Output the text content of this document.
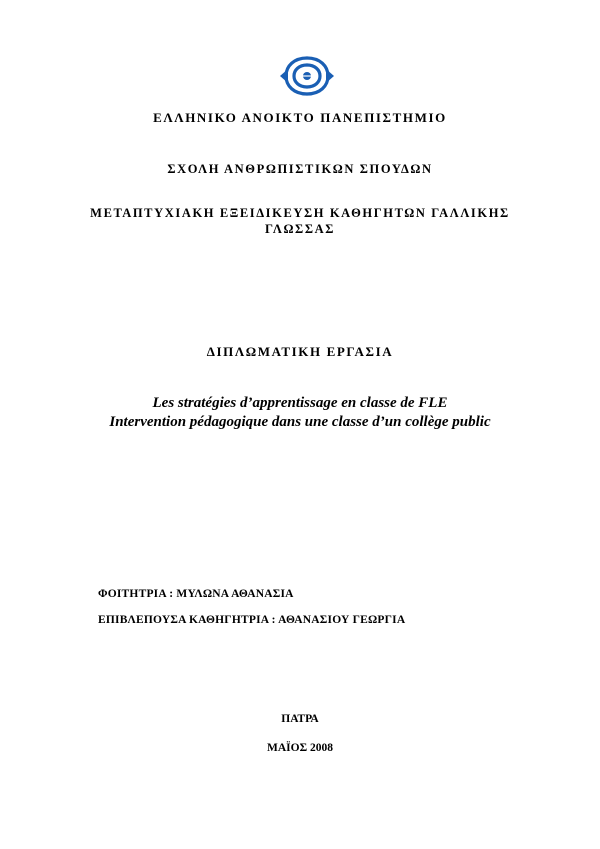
ΕΛΛΗΝΙΚΟ ΑΝΟΙΚΤΟ ΠΑΝΕΠΙΣΤΗΜΙΟ
ΣΧΟΛΗ ΑΝΘΡΩΠΙΣΤΙΚΩΝ ΣΠΟΥΔΩΝ
ΜΕΤΑΠΤΥΧΙΑΚΗ ΕΞΕΙΔΙΚΕΥΣΗ ΚΑΘΗΓΗΤΩΝ ΓΑΛΛΙΚΗΣ
ΓΛΩΣΣΑΣ
ΔΙΠΛΩΜΑΤΙΚΗ ΕΡΓΑΣΙΑ
Les stratégies d’apprentissage en classe de FLE
Intervention pédagogique dans une classe d’un collège public
ΦΟΙΤΗΤΡΙΑ : ΜΥΛΩΝΑ ΑΘΑΝΑΣΙΑ
ΕΠΙΒΛΕΠΟΥΣΑ ΚΑΘΗΓΗΤΡΙΑ : ΑΘΑΝΑΣΙΟΥ ΓΕΩΡΓΙΑ
ΠΑΤΡΑ
ΜΑΪΟΣ 2008
